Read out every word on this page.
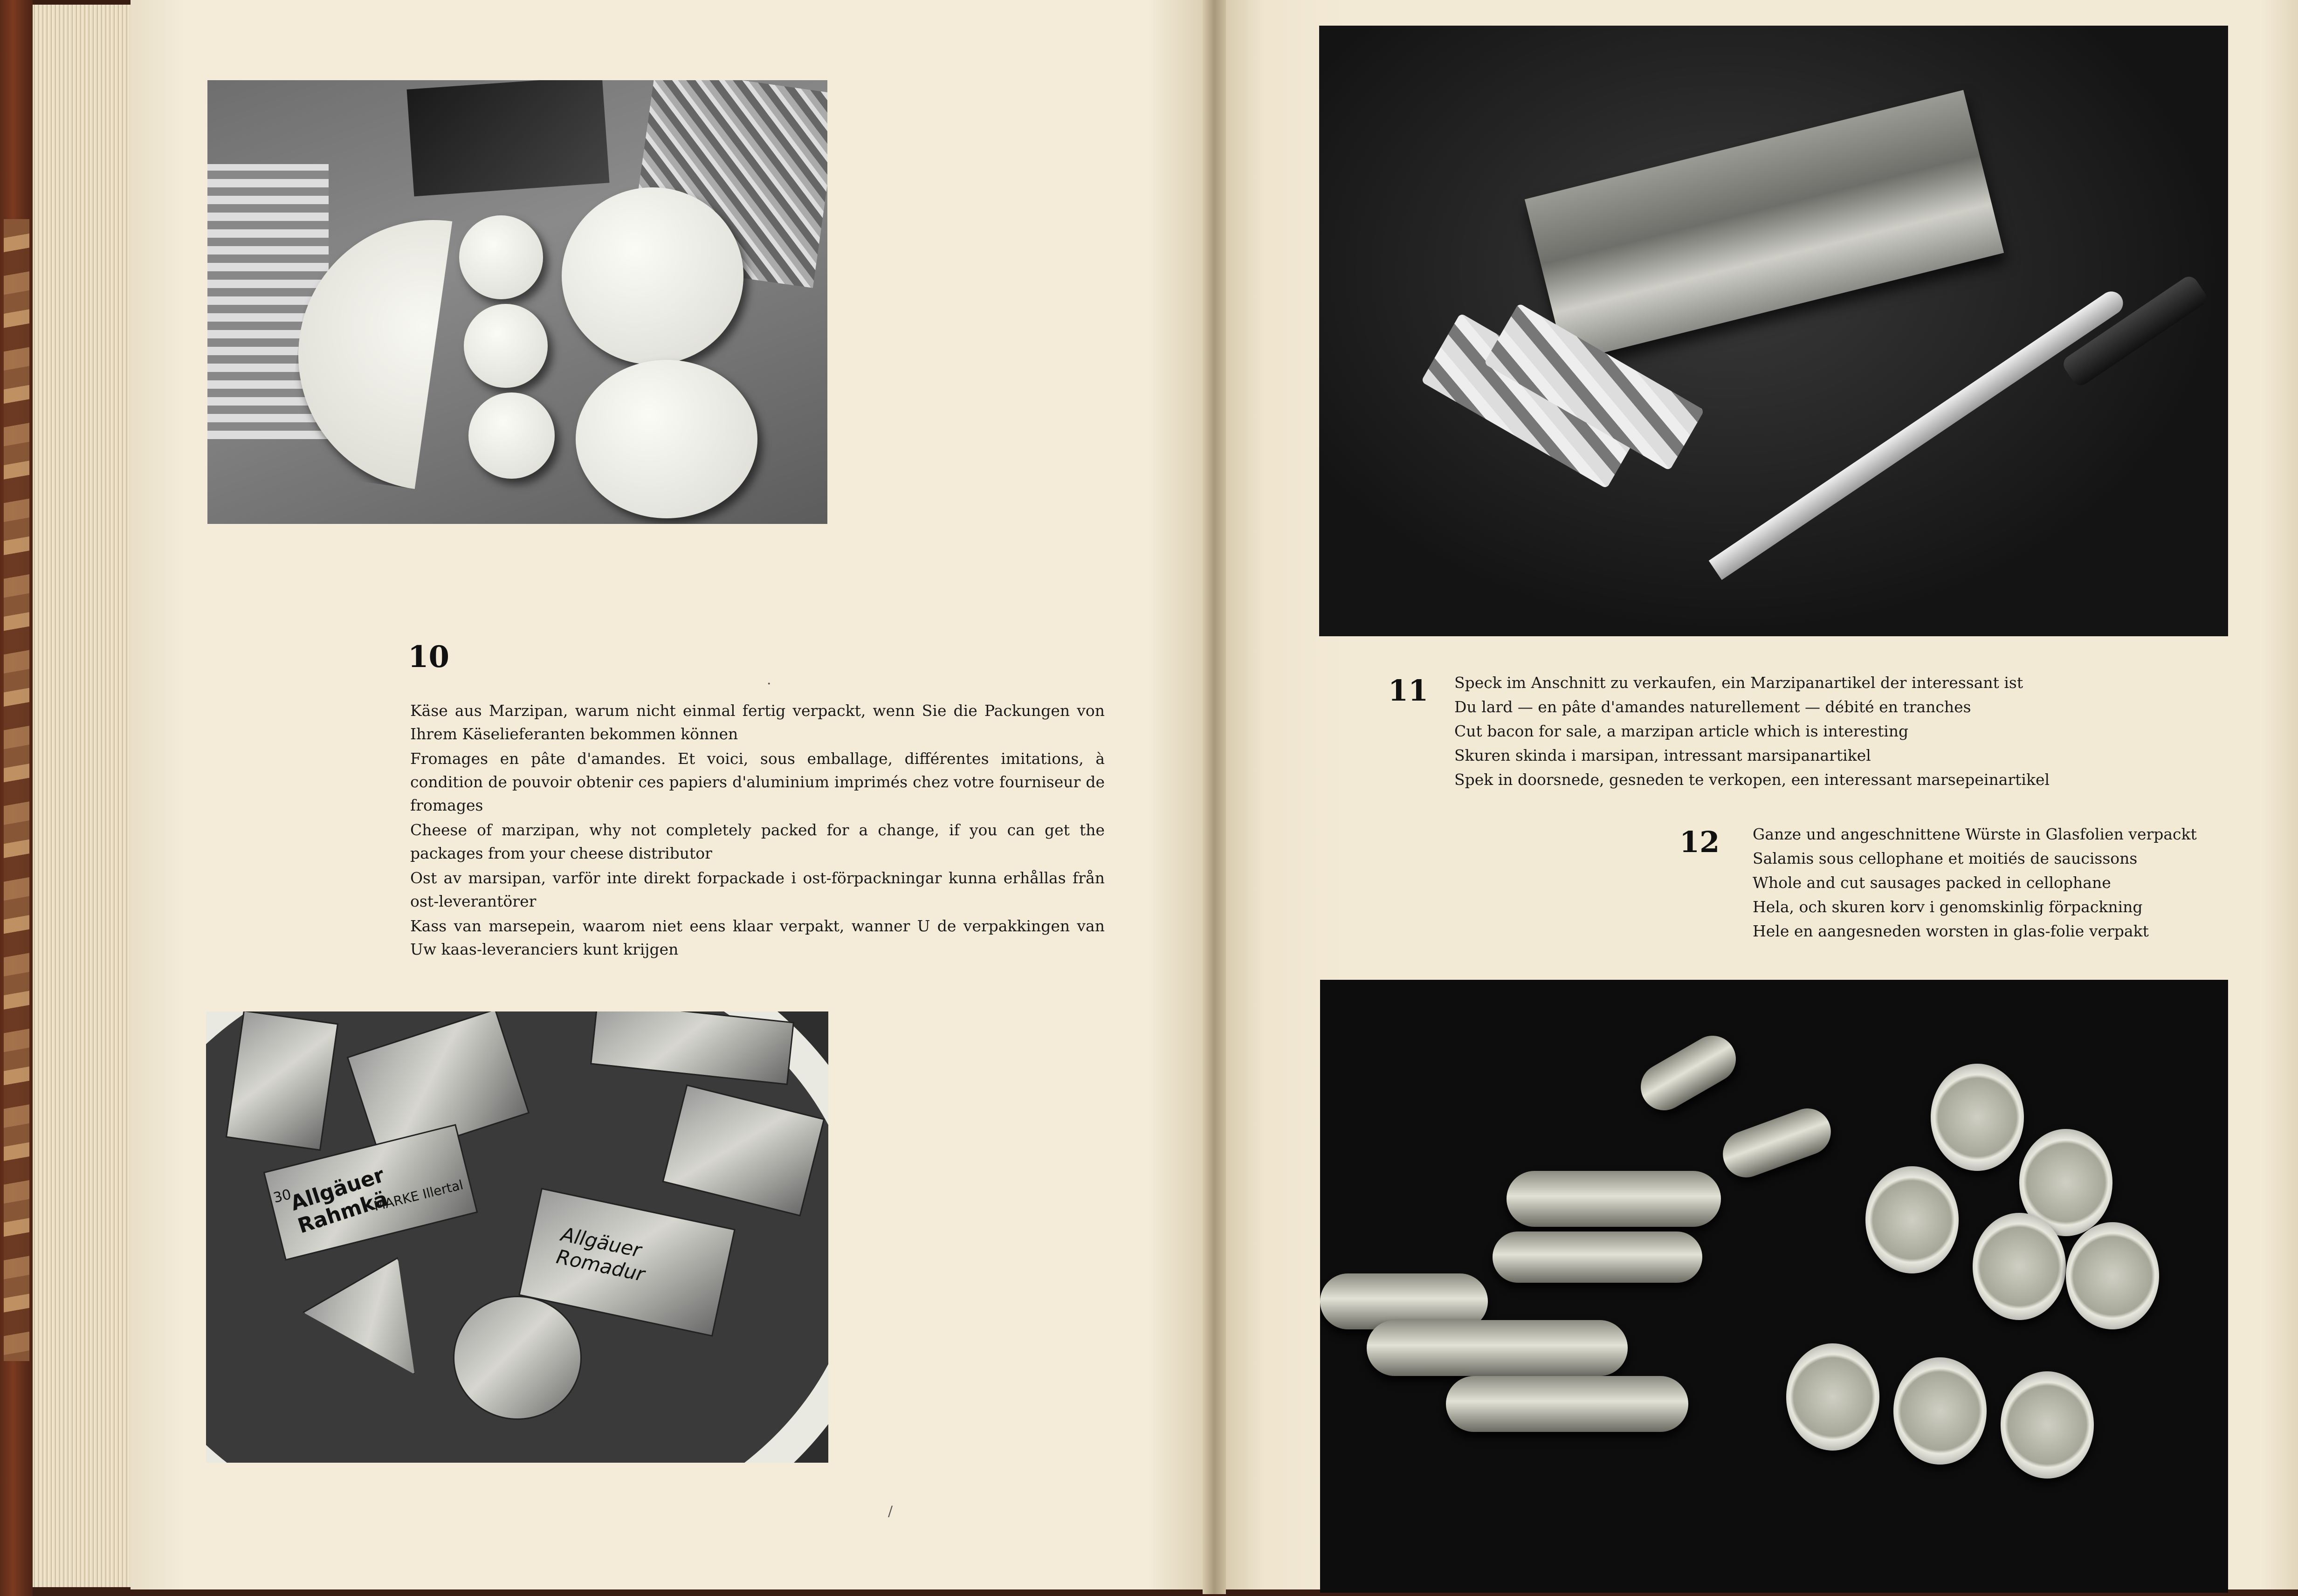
10
·

Käse aus Marzipan, warum nicht einmal fertig verpackt, wenn Sie die Packungen von Ihrem Käselieferanten bekommen können

Fromages en pâte d'amandes. Et voici, sous emballage, différentes imitations, à condition de pouvoir obtenir ces papiers d'aluminium imprimés chez votre fourniseur de fromages

Cheese of marzipan, why not completely packed for a change, if you can get the packages from your cheese distributor

Ost av marsipan, varför inte direkt forpackade i ost-förpackningar kunna erhållas från ost-leverantörer

Kass van marsepein, waarom niet eens klaar verpakt, wanner U de verpakkingen van Uw kaas-leveranciers kunt krijgen

Allgäuer Rahmkä
30	MARKE Illertal
Allgäuer Romadur
11 Speck im Anschnitt zu verkaufen, ein Marzipanartikel der interessant ist

Du lard — en pâte d'amandes naturellement — débité en tranches

Cut bacon for sale, a marzipan article which is interesting

Skuren skinda i marsipan, intressant marsipanartikel

Spek in doorsnede, gesneden te verkopen, een interessant marsepeinartikel

12 Ganze und angeschnittene Würste in Glasfolien verpackt

Salamis sous cellophane et moitiés de saucissons

Whole and cut sausages packed in cellophane

Hela, och skuren korv i genomskinlig förpackning

Hele en aangesneden worsten in glas-folie verpakt

/
